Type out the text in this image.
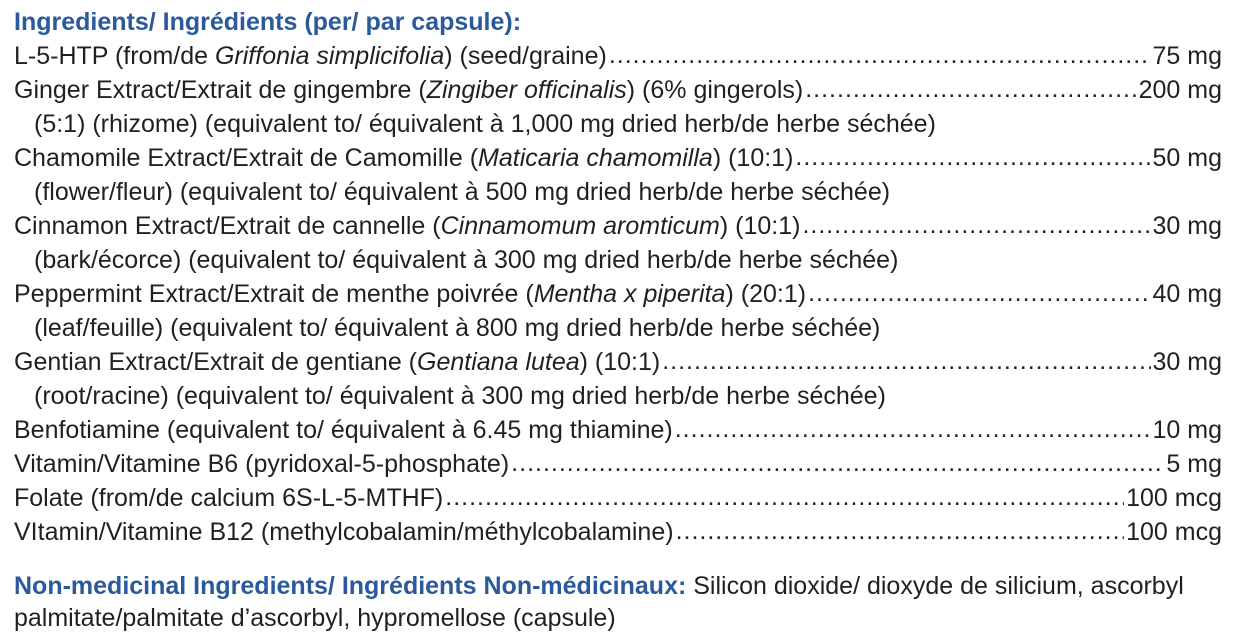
Ingredients/ Ingrédients (per/ par capsule):
L-5-HTP (from/de Griffonia simplicifolia) (seed/graine) .....	75 mg
Ginger Extract/Extrait de gingembre (Zingiber officinalis) (6% gingerols) .....	200 mg
(5:1) (rhizome) (equivalent to/ équivalent à 1,000 mg dried herb/de herbe séchée)
Chamomile Extract/Extrait de Camomille (Maticaria chamomilla) (10:1) .....	50 mg
(flower/fleur) (equivalent to/ équivalent à 500 mg dried herb/de herbe séchée)
Cinnamon Extract/Extrait de cannelle (Cinnamomum aromticum) (10:1) .....	30 mg
(bark/écorce) (equivalent to/ équivalent à 300 mg dried herb/de herbe séchée)
Peppermint Extract/Extrait de menthe poivrée (Mentha x piperita) (20:1) .....	40 mg
(leaf/feuille) (equivalent to/ équivalent à 800 mg dried herb/de herbe séchée)
Gentian Extract/Extrait de gentiane (Gentiana lutea) (10:1) .....	30 mg
(root/racine) (equivalent to/ équivalent à 300 mg dried herb/de herbe séchée)
Benfotiamine (equivalent to/ équivalent à 6.45 mg thiamine) .....	10 mg
Vitamin/Vitamine B6 (pyridoxal-5-phosphate) .....	5 mg
Folate (from/de calcium 6S-L-5-MTHF) .....	100 mcg
VItamin/Vitamine B12 (methylcobalamin/méthylcobalamine) .....	100 mcg
Non-medicinal Ingredients/ Ingrédients Non-médicinaux: Silicon dioxide/ dioxyde de silicium, ascorbyl palmitate/palmitate d’ascorbyl, hypromellose (capsule)
